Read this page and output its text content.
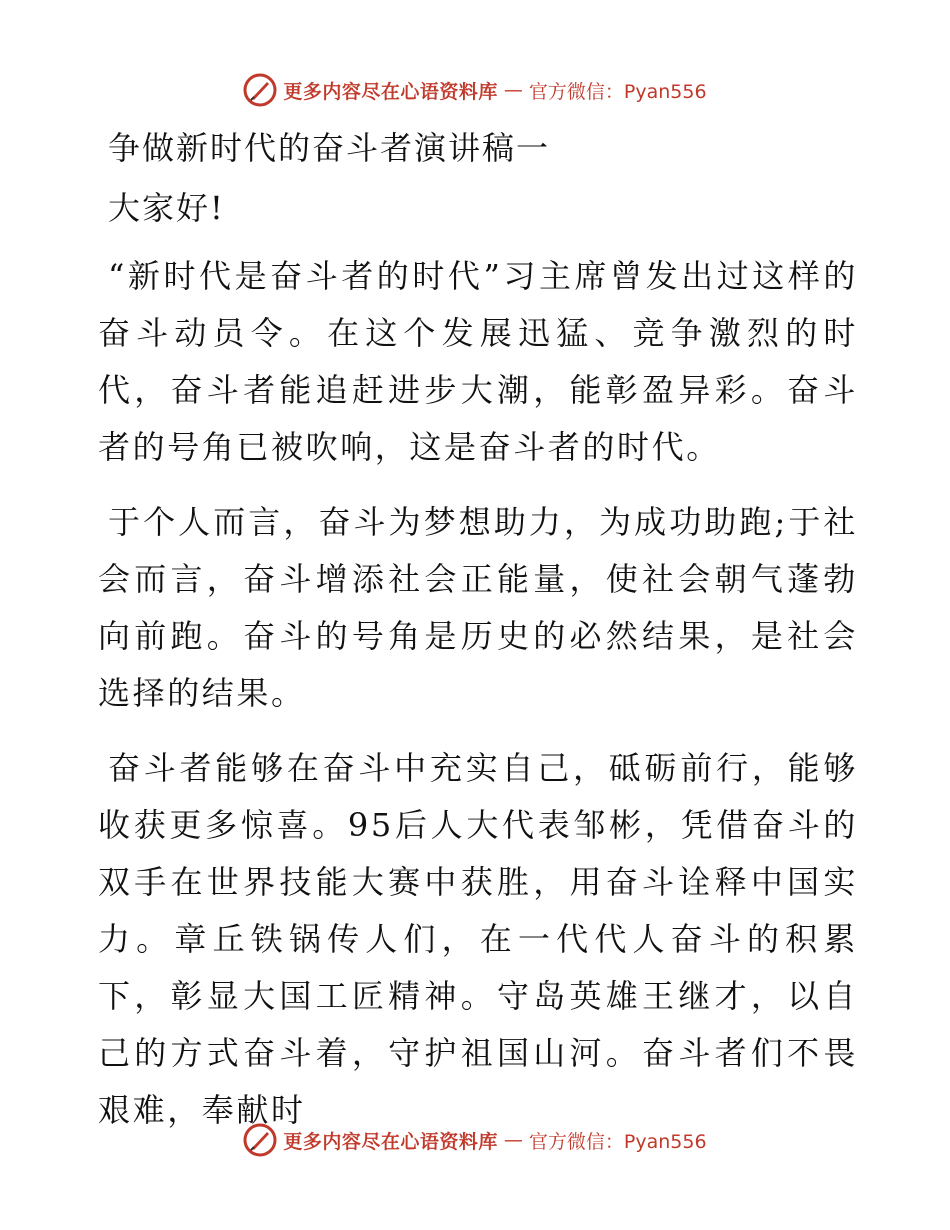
更多内容尽在心语资料库 — 官方微信：Pyan556
争做新时代的奋斗者演讲稿一
大家好!

“新时代是奋斗者的时代”习主席曾发出过这样的奋斗动员令。在这个发展迅猛、竞争激烈的时代，奋斗者能追赶进步大潮，能彰盈异彩。奋斗者的号角已被吹响，这是奋斗者的时代。

于个人而言，奋斗为梦想助力，为成功助跑;于社会而言，奋斗增添社会正能量，使社会朝气蓬勃向前跑。奋斗的号角是历史的必然结果，是社会选择的结果。

奋斗者能够在奋斗中充实自己，砥砺前行，能够收获更多惊喜。95后人大代表邹彬，凭借奋斗的双手在世界技能大赛中获胜，用奋斗诠释中国实力。章丘铁锅传人们，在一代代人奋斗的积累下，彰显大国工匠精神。守岛英雄王继才，以自己的方式奋斗着，守护祖国山河。奋斗者们不畏艰难，奉献时

更多内容尽在心语资料库 — 官方微信：Pyan556
